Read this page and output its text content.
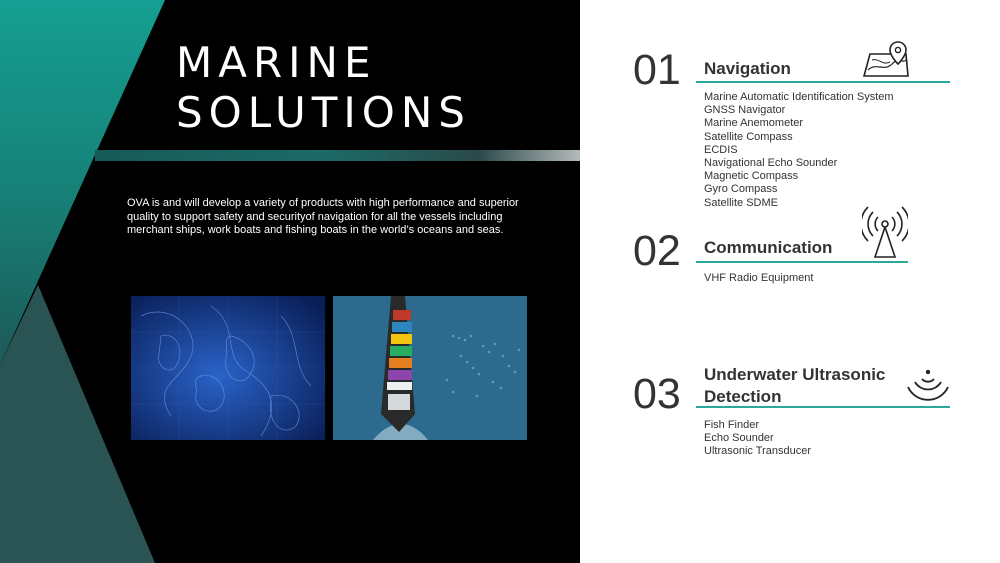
MARINE
SOLUTIONS

OVA is and will develop a variety of products with high performance and superior quality to support safety and securityof navigation for all the vessels including merchant ships, work boats and fishing boats in the world’s oceans and seas.

01 Navigation
Marine Automatic Identification System
GNSS Navigator
Marine Anemometer
Satellite Compass
ECDIS
Navigational Echo Sounder
Magnetic Compass
Gyro Compass
Satellite SDME
02 Communication
VHF Radio Equipment
03 Underwater Ultrasonic
Detection
Fish Finder
Echo Sounder
Ultrasonic Transducer
